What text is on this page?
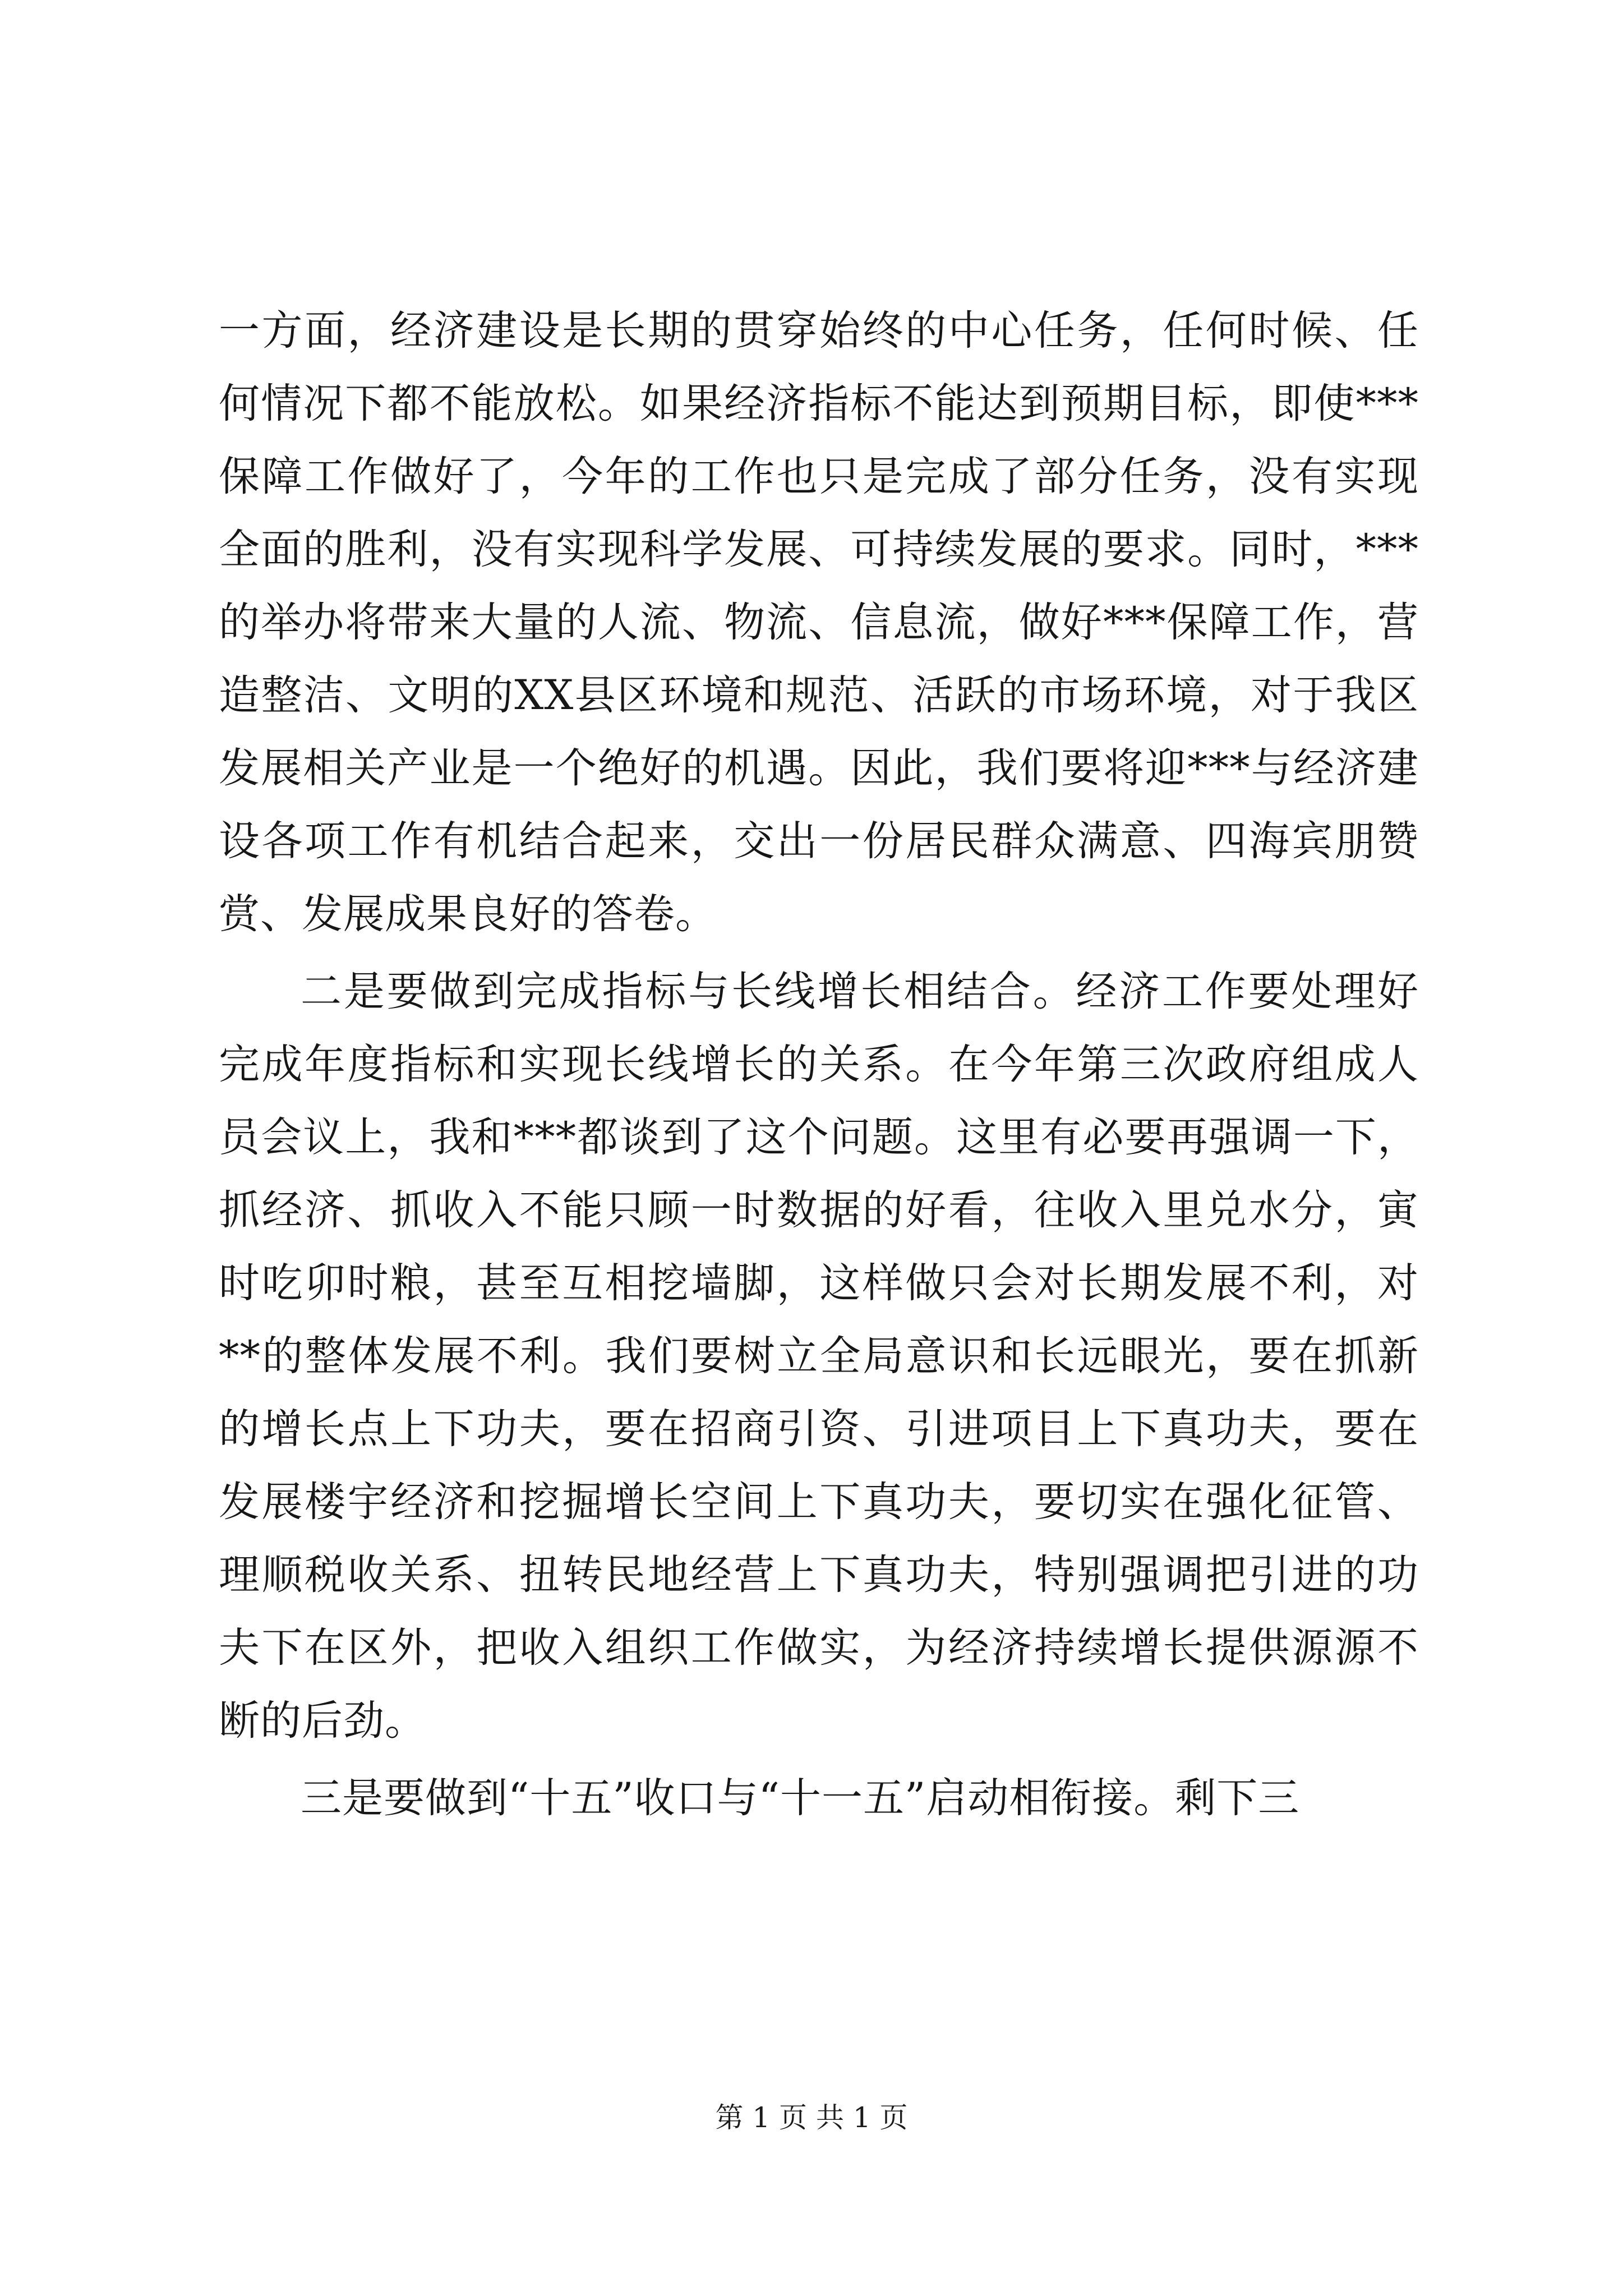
一方面，经济建设是长期的贯穿始终的中心任务，任何时候、任何情况下都不能放松。如果经济指标不能达到预期目标，即使***保障工作做好了，今年的工作也只是完成了部分任务，没有实现全面的胜利，没有实现科学发展、可持续发展的要求。同时，***的举办将带来大量的人流、物流、信息流，做好***保障工作，营造整洁、文明的XX县区环境和规范、活跃的市场环境，对于我区发展相关产业是一个绝好的机遇。因此，我们要将迎***与经济建设各项工作有机结合起来，交出一份居民群众满意、四海宾朋赞赏、发展成果良好的答卷。

二是要做到完成指标与长线增长相结合。经济工作要处理好完成年度指标和实现长线增长的关系。在今年第三次政府组成人员会议上，我和***都谈到了这个问题。这里有必要再强调一下，抓经济、抓收入不能只顾一时数据的好看，往收入里兑水分，寅时吃卯时粮，甚至互相挖墙脚，这样做只会对长期发展不利，对**的整体发展不利。我们要树立全局意识和长远眼光，要在抓新的增长点上下功夫，要在招商引资、引进项目上下真功夫，要在发展楼宇经济和挖掘增长空间上下真功夫，要切实在强化征管、理顺税收关系、扭转民地经营上下真功夫，特别强调把引进的功夫下在区外，把收入组织工作做实，为经济持续增长提供源源不断的后劲。

三是要做到“十五”收口与“十一五”启动相衔接。剩下三

第 1 页 共 1 页
